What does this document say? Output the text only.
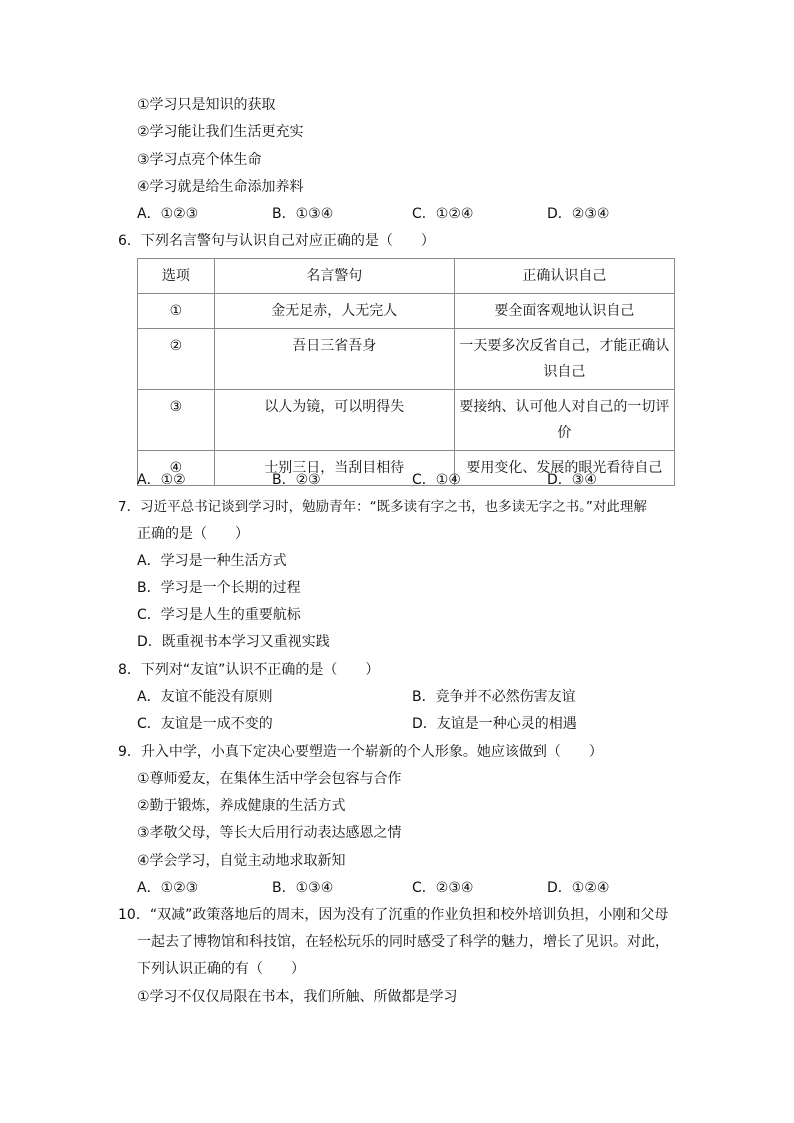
①学习只是知识的获取
②学习能让我们生活更充实
③学习点亮个体生命
④学习就是给生命添加养料
A．①②③	B．①③④	C．①②④	D．②③④
6．下列名言警句与认识自己对应正确的是（　　）
选项	名言警句	正确认识自己
①	金无足赤，人无完人	要全面客观地认识自己
②	吾日三省吾身	一天要多次反省自己，才能正确认识自己
③	以人为镜，可以明得失	要接纳、认可他人对自己的一切评价
④	士别三日，当刮目相待	要用变化、发展的眼光看待自己
A．①②	B．②③	C．①④	D．③④
7．习近平总书记谈到学习时，勉励青年：“既多读有字之书，也多读无字之书。”对此理解
正确的是（　　）
A．学习是一种生活方式
B．学习是一个长期的过程
C．学习是人生的重要航标
D．既重视书本学习又重视实践
8．下列对“友谊”认识不正确的是（　　）
A．友谊不能没有原则	B．竞争并不必然伤害友谊
C．友谊是一成不变的	D．友谊是一种心灵的相遇
9．升入中学，小真下定决心要塑造一个崭新的个人形象。她应该做到（　　）
①尊师爱友，在集体生活中学会包容与合作
②勤于锻炼，养成健康的生活方式
③孝敬父母，等长大后用行动表达感恩之情
④学会学习，自觉主动地求取新知
A．①②③	B．①③④	C．②③④	D．①②④
10．“双减”政策落地后的周末，因为没有了沉重的作业负担和校外培训负担，小刚和父母
一起去了博物馆和科技馆，在轻松玩乐的同时感受了科学的魅力，增长了见识。对此，
下列认识正确的有（　　）
①学习不仅仅局限在书本，我们所触、所做都是学习
